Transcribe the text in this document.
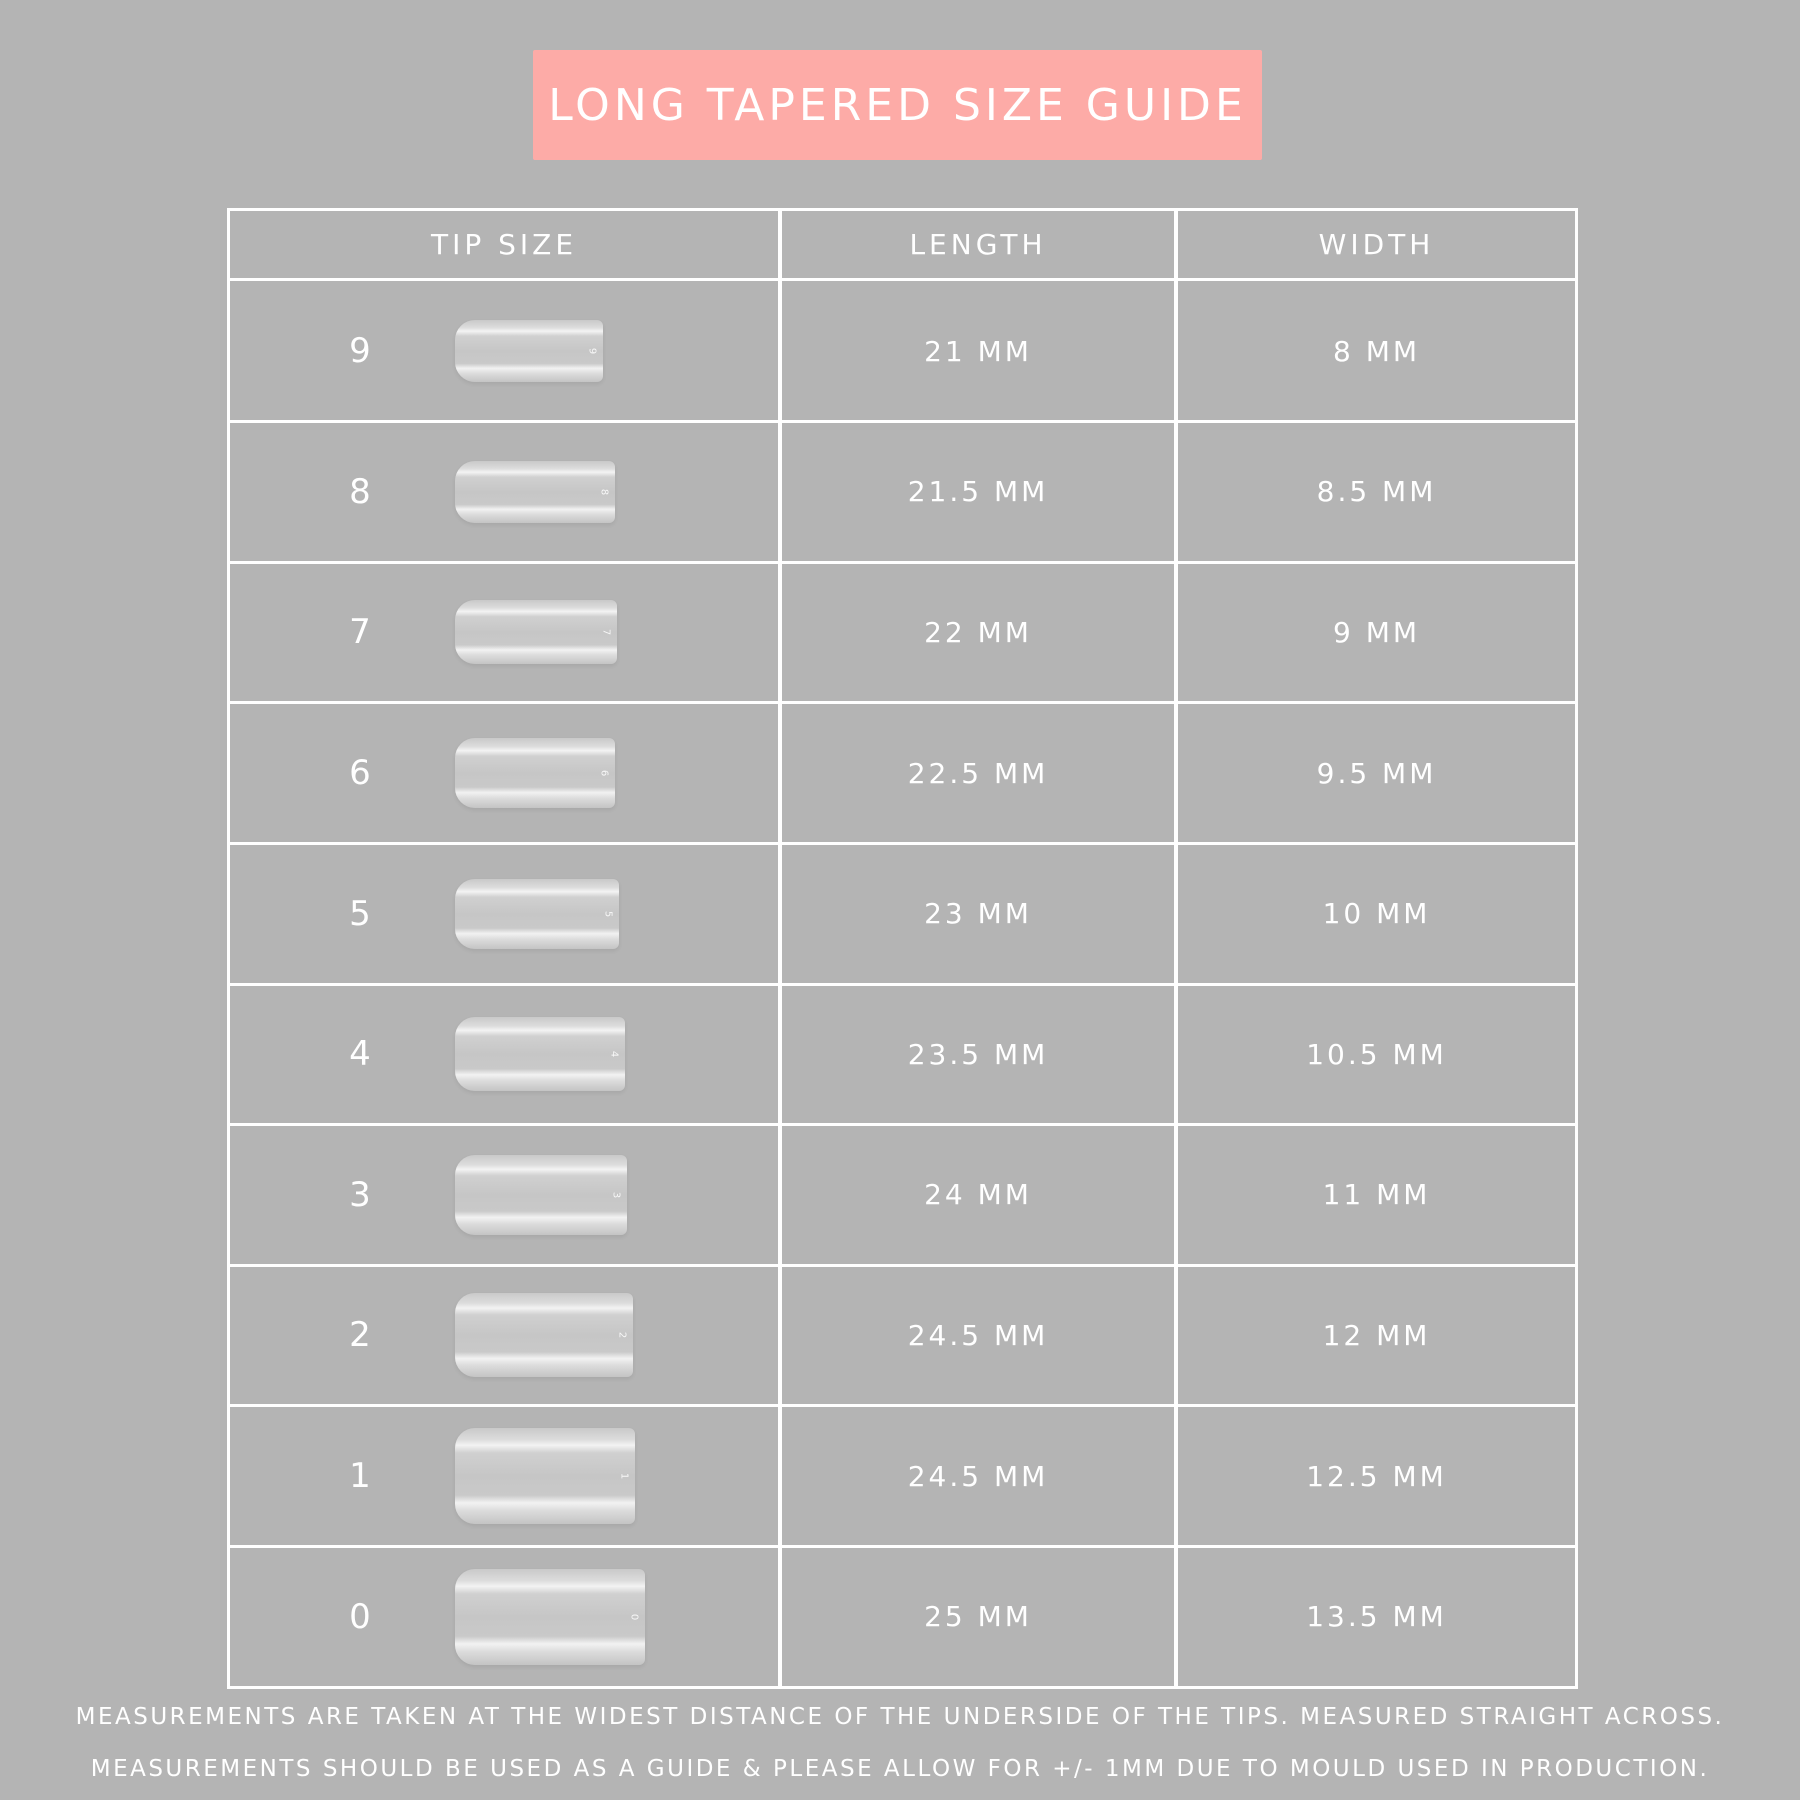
LONG TAPERED SIZE GUIDE
TIP SIZE	LENGTH	WIDTH
9	9	21 MM	8 MM
8	8	21.5 MM	8.5 MM
7	7	22 MM	9 MM
6	6	22.5 MM	9.5 MM
5	5	23 MM	10 MM
4	4	23.5 MM	10.5 MM
3	3	24 MM	11 MM
2	2	24.5 MM	12 MM
1	1	24.5 MM	12.5 MM
0	0	25 MM	13.5 MM
MEASUREMENTS ARE TAKEN AT THE WIDEST DISTANCE OF THE UNDERSIDE OF THE TIPS. MEASURED STRAIGHT ACROSS.
MEASUREMENTS SHOULD BE USED AS A GUIDE & PLEASE ALLOW FOR +/- 1MM DUE TO MOULD USED IN PRODUCTION.
